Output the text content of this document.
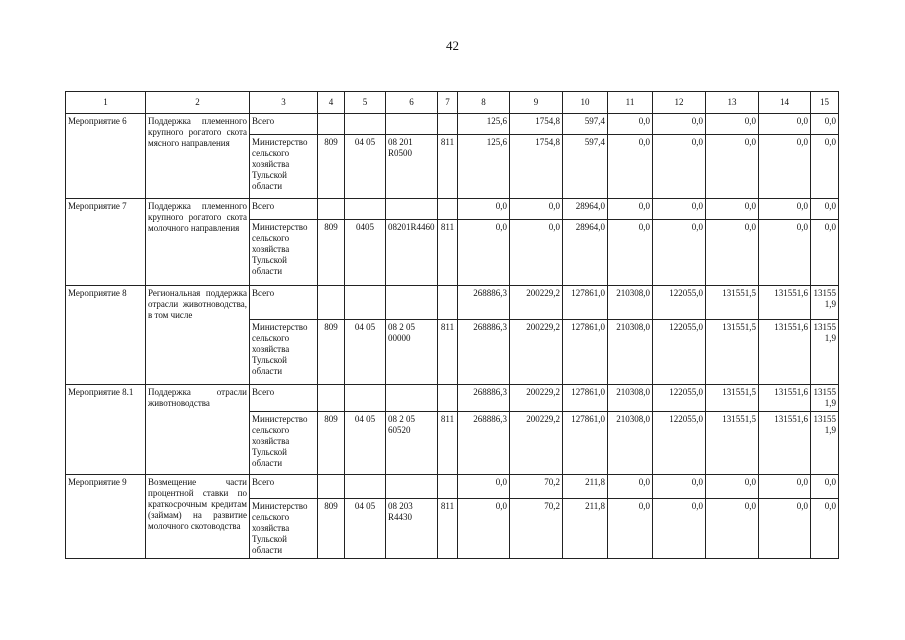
42
1	2	3	4	5	6	7	8	9	10	11	12	13	14	15
Мероприятие 6	Поддержка племенного крупного рогатого скота мясного направления	Всего					125,6	1754,8	597,4	0,0	0,0	0,0	0,0	0,0
		Министерство сельского хозяйства Тульской области	809	04 05	08 201 R0500	811	125,6	1754,8	597,4	0,0	0,0	0,0	0,0	0,0
Мероприятие 7	Поддержка племенного крупного рогатого скота молочного направления	Всего					0,0	0,0	28964,0	0,0	0,0	0,0	0,0	0,0
		Министерство сельского хозяйства Тульской области	809	0405	08201R4460	811	0,0	0,0	28964,0	0,0	0,0	0,0	0,0	0,0
Мероприятие 8	Региональная поддержка отрасли животноводства, в том числе	Всего					268886,3	200229,2	127861,0	210308,0	122055,0	131551,5	131551,6	131551,9
		Министерство сельского хозяйства Тульской области	809	04 05	08 2 05 00000	811	268886,3	200229,2	127861,0	210308,0	122055,0	131551,5	131551,6	131551,9
Мероприятие 8.1	Поддержка отрасли животноводства	Всего					268886,3	200229,2	127861,0	210308,0	122055,0	131551,5	131551,6	131551,9
		Министерство сельского хозяйства Тульской области	809	04 05	08 2 05 60520	811	268886,3	200229,2	127861,0	210308,0	122055,0	131551,5	131551,6	131551,9
Мероприятие 9	Возмещение части процентной ставки по краткосрочным кредитам (займам) на развитие молочного скотоводства	Всего					0,0	70,2	211,8	0,0	0,0	0,0	0,0	0,0
		Министерство сельского хозяйства Тульской области	809	04 05	08 203 R4430	811	0,0	70,2	211,8	0,0	0,0	0,0	0,0	0,0
